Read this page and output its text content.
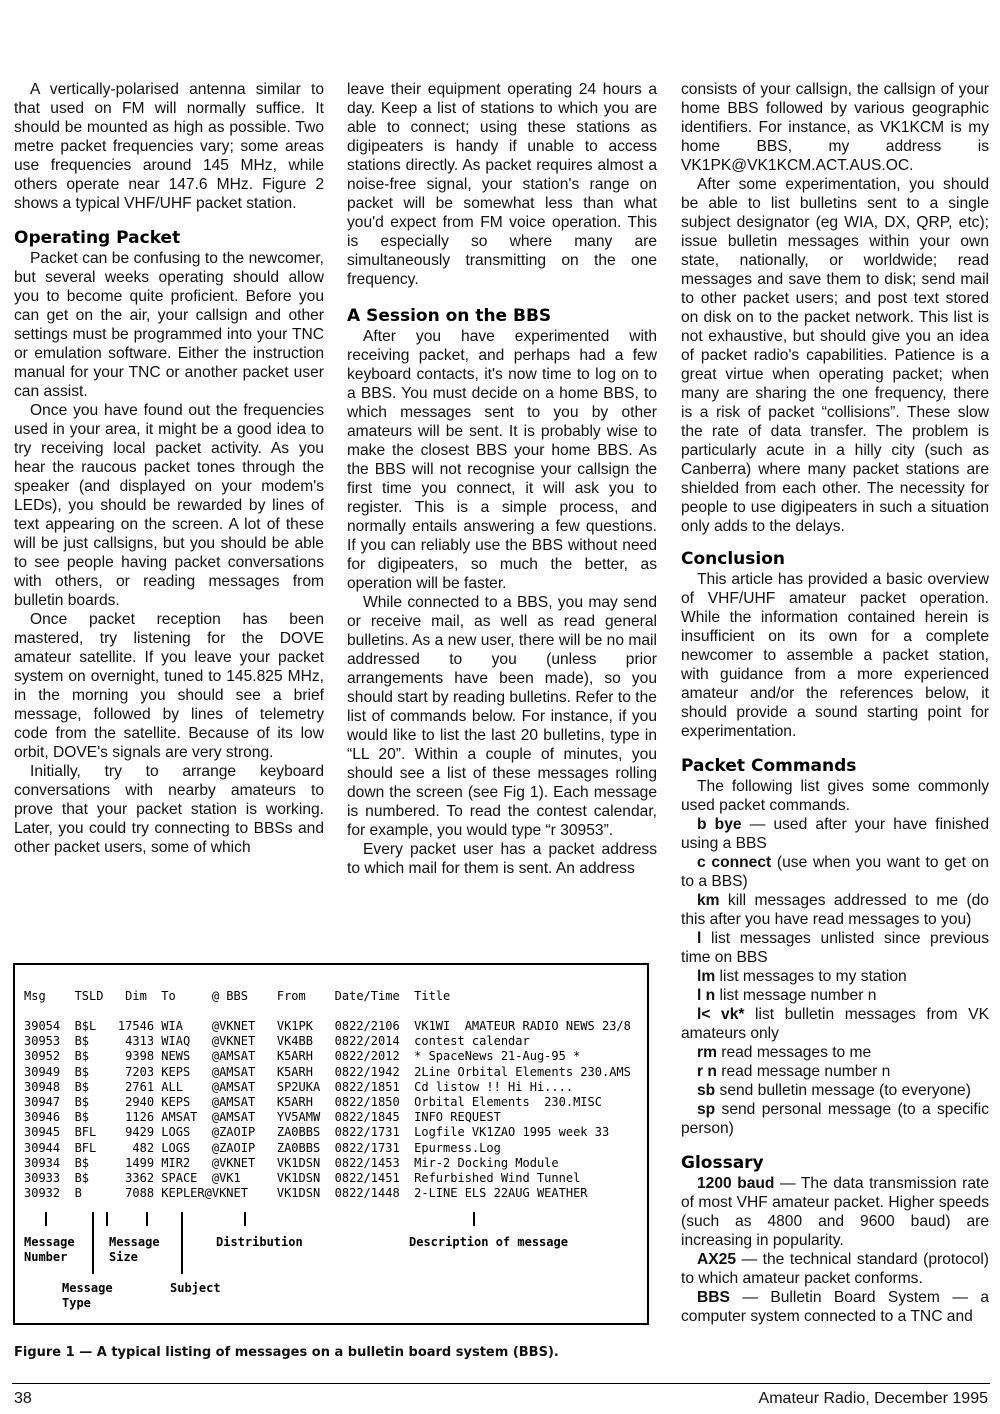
A vertically-polarised antenna similar to that used on FM will normally suffice. It should be mounted as high as possible. Two metre packet frequencies vary; some areas use frequencies around 145 MHz, while others operate near 147.6 MHz. Figure 2 shows a typical VHF/UHF packet station.

Operating Packet

Packet can be confusing to the newcomer, but several weeks operating should allow you to become quite proficient. Before you can get on the air, your callsign and other settings must be programmed into your TNC or emulation software. Either the instruction manual for your TNC or another packet user can assist.

Once you have found out the frequencies used in your area, it might be a good idea to try receiving local packet activity. As you hear the raucous packet tones through the speaker (and displayed on your modem's LEDs), you should be rewarded by lines of text appearing on the screen. A lot of these will be just callsigns, but you should be able to see people having packet conversations with others, or reading messages from bulletin boards.

Once packet reception has been mastered, try listening for the DOVE amateur satellite. If you leave your packet system on overnight, tuned to 145.825 MHz, in the morning you should see a brief message, followed by lines of telemetry code from the satellite. Because of its low orbit, DOVE's signals are very strong.

Initially, try to arrange keyboard conversations with nearby amateurs to prove that your packet station is working. Later, you could try connecting to BBSs and other packet users, some of which

leave their equipment operating 24 hours a day. Keep a list of stations to which you are able to connect; using these stations as digipeaters is handy if unable to access stations directly. As packet requires almost a noise-free signal, your station's range on packet will be somewhat less than what you'd expect from FM voice operation. This is especially so where many are simultaneously transmitting on the one frequency.

A Session on the BBS

After you have experimented with receiving packet, and perhaps had a few keyboard contacts, it's now time to log on to a BBS. You must decide on a home BBS, to which messages sent to you by other amateurs will be sent. It is probably wise to make the closest BBS your home BBS. As the BBS will not recognise your callsign the first time you connect, it will ask you to register. This is a simple process, and normally entails answering a few questions. If you can reliably use the BBS without need for digipeaters, so much the better, as operation will be faster.

While connected to a BBS, you may send or receive mail, as well as read general bulletins. As a new user, there will be no mail addressed to you (unless prior arrangements have been made), so you should start by reading bulletins. Refer to the list of commands below. For instance, if you would like to list the last 20 bulletins, type in “LL 20”. Within a couple of minutes, you should see a list of these messages rolling down the screen (see Fig 1). Each message is numbered. To read the contest calendar, for example, you would type “r 30953”.

Every packet user has a packet address to which mail for them is sent. An address

consists of your callsign, the callsign of your home BBS followed by various geographic identifiers. For instance, as VK1KCM is my home BBS, my address is VK1PK@VK1KCM.ACT.AUS.OC.

After some experimentation, you should be able to list bulletins sent to a single subject designator (eg WIA, DX, QRP, etc); issue bulletin messages within your own state, nationally, or worldwide; read messages and save them to disk; send mail to other packet users; and post text stored on disk on to the packet network. This list is not exhaustive, but should give you an idea of packet radio's capabilities. Patience is a great virtue when operating packet; when many are sharing the one frequency, there is a risk of packet “collisions”. These slow the rate of data transfer. The problem is particularly acute in a hilly city (such as Canberra) where many packet stations are shielded from each other. The necessity for people to use digipeaters in such a situation only adds to the delays.

Conclusion

This article has provided a basic overview of VHF/UHF amateur packet operation. While the information contained herein is insufficient on its own for a complete newcomer to assemble a packet station, with guidance from a more experienced amateur and/or the references below, it should provide a sound starting point for experimentation.

Packet Commands

The following list gives some commonly used packet commands.

b bye — used after your have finished using a BBS

c connect (use when you want to get on to a BBS)

km kill messages addressed to me (do this after you have read messages to you)

l list messages unlisted since previous time on BBS

lm list messages to my station

l n list message number n

l< vk* list bulletin messages from VK amateurs only

rm read messages to me

r n read message number n

sb send bulletin message (to everyone)

sp send personal message (to a specific person)

Glossary

1200 baud — The data transmission rate of most VHF amateur packet. Higher speeds (such as 4800 and 9600 baud) are increasing in popularity.

AX25 — the technical standard (protocol) to which amateur packet conforms.

BBS — Bulletin Board System — a computer system connected to a TNC and

Msg    TSLD   Dim  To     @ BBS    From    Date/Time  Title
39054  B$L   17546 WIA    @VKNET   VK1PK   0822/2106  VK1WI  AMATEUR RADIO NEWS 23/8
30953  B$     4313 WIAQ   @VKNET   VK4BB   0822/2014  contest calendar
30952  B$     9398 NEWS   @AMSAT   K5ARH   0822/2012  * SpaceNews 21-Aug-95 *
30949  B$     7203 KEPS   @AMSAT   K5ARH   0822/1942  2Line Orbital Elements 230.AMS
30948  B$     2761 ALL    @AMSAT   SP2UKA  0822/1851  Cd listow !! Hi Hi....
30947  B$     2940 KEPS   @AMSAT   K5ARH   0822/1850  Orbital Elements  230.MISC
30946  B$     1126 AMSAT  @AMSAT   YV5AMW  0822/1845  INFO REQUEST
30945  BFL    9429 LOGS   @ZAOIP   ZA0BBS  0822/1731  Logfile VK1ZAO 1995 week 33
30944  BFL     482 LOGS   @ZAOIP   ZA0BBS  0822/1731  Epurmess.Log
30934  B$     1499 MIR2   @VKNET   VK1DSN  0822/1453  Mir-2 Docking Module
30933  B$     3362 SPACE  @VK1     VK1DSN  0822/1451  Refurbished Wind Tunnel
30932  B      7088 KEPLER@VKNET    VK1DSN  0822/1448  2-LINE ELS 22AUG WEATHER
Message
Number
Message
Size
Distribution	Description of message
Message
Type
Subject
Figure 1 — A typical listing of messages on a bulletin board system (BBS).
38	Amateur Radio, December 1995
